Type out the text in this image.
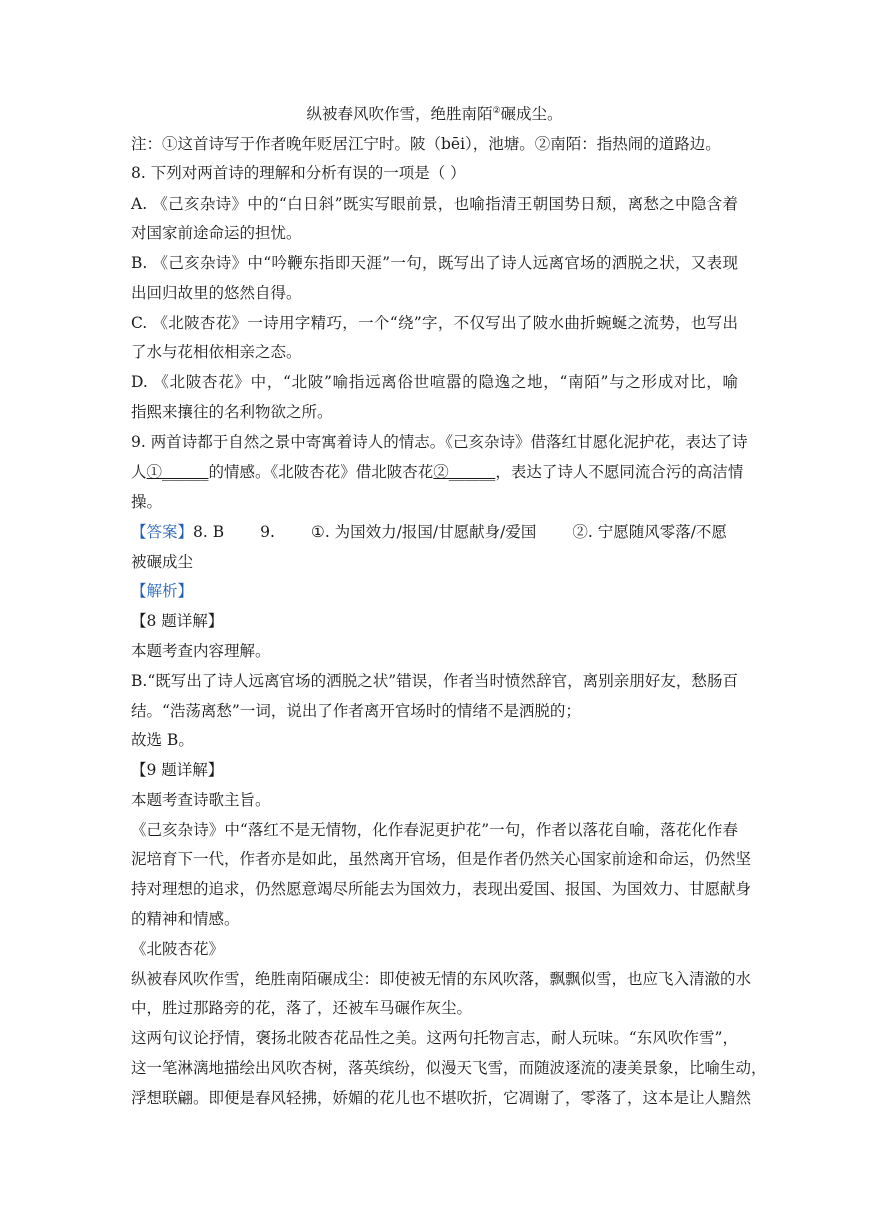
纵被春风吹作雪，绝胜南陌②碾成尘。
注：①这首诗写于作者晚年贬居江宁时。陂（bēi），池塘。②南陌：指热闹的道路边。
8. 下列对两首诗的理解和分析有误的一项是（ ）
A. 《己亥杂诗》中的“白日斜”既实写眼前景，也喻指清王朝国势日颓，离愁之中隐含着
对国家前途命运的担忧。
B. 《己亥杂诗》中“吟鞭东指即天涯”一句，既写出了诗人远离官场的洒脱之状，又表现
出回归故里的悠然自得。
C. 《北陂杏花》一诗用字精巧，一个“绕”字，不仅写出了陂水曲折蜿蜒之流势，也写出
了水与花相依相亲之态。
D. 《北陂杏花》中，“北陂”喻指远离俗世喧嚣的隐逸之地，“南陌”与之形成对比，喻
指熙来攘往的名利物欲之所。
9. 两首诗都于自然之景中寄寓着诗人的情志。《己亥杂诗》借落红甘愿化泥护花，表达了诗
人①______的情感。《北陂杏花》借北陂杏花②______，表达了诗人不愿同流合污的高洁情
操。
【答案】8. B 9. ①. 为国效力/报国/甘愿献身/爱国 ②. 宁愿随风零落/不愿
被碾成尘
【解析】
【8 题详解】
本题考查内容理解。
B.“既写出了诗人远离官场的洒脱之状”错误，作者当时愤然辞官，离别亲朋好友，愁肠百
结。“浩荡离愁”一词，说出了作者离开官场时的情绪不是洒脱的；
故选 B。
【9 题详解】
本题考查诗歌主旨。
《己亥杂诗》中“落红不是无情物，化作春泥更护花”一句，作者以落花自喻，落花化作春
泥培育下一代，作者亦是如此，虽然离开官场，但是作者仍然关心国家前途和命运，仍然坚
持对理想的追求，仍然愿意竭尽所能去为国效力，表现出爱国、报国、为国效力、甘愿献身
的精神和情感。
《北陂杏花》
纵被春风吹作雪，绝胜南陌碾成尘：即使被无情的东风吹落，飘飘似雪，也应飞入清澈的水
中，胜过那路旁的花，落了，还被车马碾作灰尘。
这两句议论抒情，褒扬北陂杏花品性之美。这两句托物言志，耐人玩味。“东风吹作雪”，
这一笔淋漓地描绘出风吹杏树，落英缤纷，似漫天飞雪，而随波逐流的凄美景象，比喻生动，
浮想联翩。即便是春风轻拂，娇媚的花儿也不堪吹折，它凋谢了，零落了，这本是让人黯然
